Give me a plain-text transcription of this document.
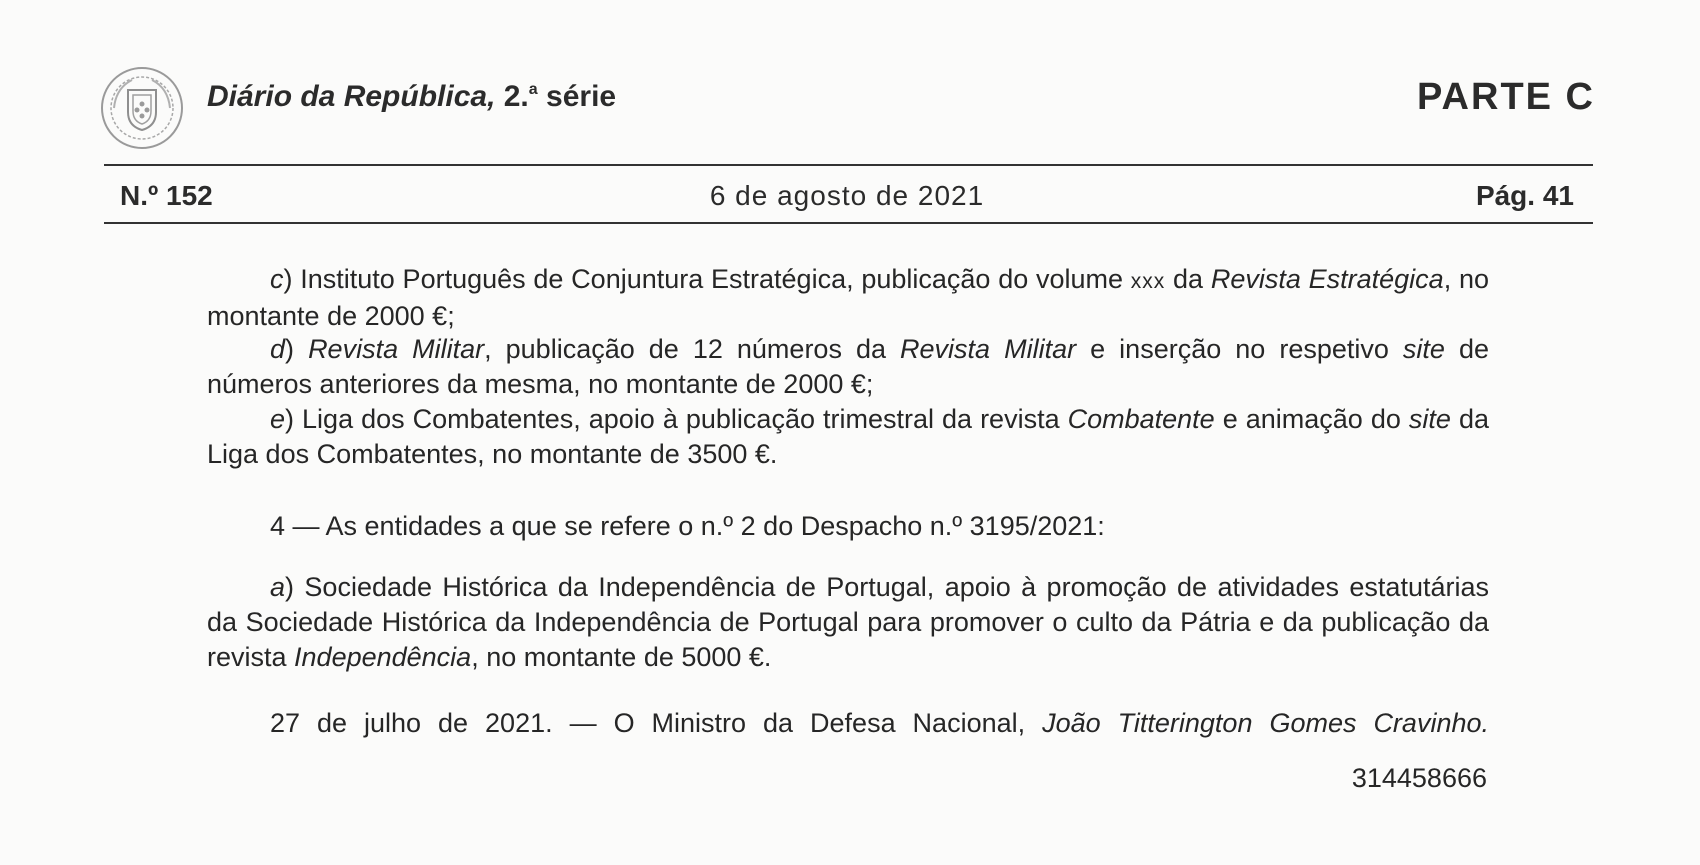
Diário da República, 2.$^a$ série	PARTE C
N.º 152	6 de agosto de 2021	Pág. 41

c) Instituto Português de Conjuntura Estratégica, publicação do volume xxx da Revista Estratégica, no montante de 2000 €;

d) Revista Militar, publicação de 12 números da Revista Militar e inserção no respetivo site de números anteriores da mesma, no montante de 2000 €;

e) Liga dos Combatentes, apoio à publicação trimestral da revista Combatente e animação do site da Liga dos Combatentes, no montante de 3500 €.

4 — As entidades a que se refere o n.º 2 do Despacho n.º 3195/2021:

a) Sociedade Histórica da Independência de Portugal, apoio à promoção de atividades estatutárias da Sociedade Histórica da Independência de Portugal para promover o culto da Pátria e da publicação da revista Independência, no montante de 5000 €.

27 de julho de 2021. — O Ministro da Defesa Nacional, João Titterington Gomes Cravinho.

314458666
